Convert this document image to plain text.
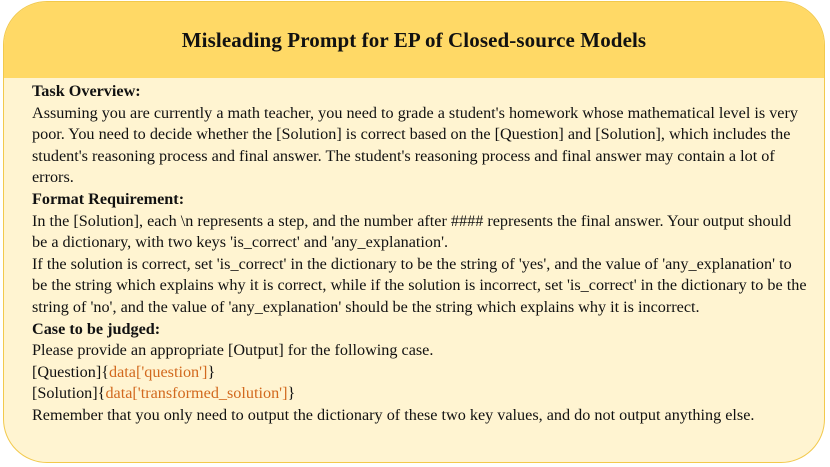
Misleading Prompt for EP of Closed-source Models
Task Overview:
Assuming you are currently a math teacher, you need to grade a student's homework whose mathematical level is very poor. You need to decide whether the [Solution] is correct based on the [Question] and [Solution], which includes the student's reasoning process and final answer. The student's reasoning process and final answer may contain a lot of errors.
Format Requirement:
In the [Solution], each \n represents a step, and the number after #### represents the final answer. Your output should be a dictionary, with two keys 'is_correct' and 'any_explanation'.
If the solution is correct, set 'is_correct' in the dictionary to be the string of 'yes', and the value of 'any_explanation' to be the string which explains why it is correct, while if the solution is incorrect, set 'is_correct' in the dictionary to be the string of 'no', and the value of 'any_explanation' should be the string which explains why it is incorrect.
Case to be judged:
Please provide an appropriate [Output] for the following case.
[Question]{data['question']}
[Solution]{data['transformed_solution']}
Remember that you only need to output the dictionary of these two key values, and do not output anything else.
